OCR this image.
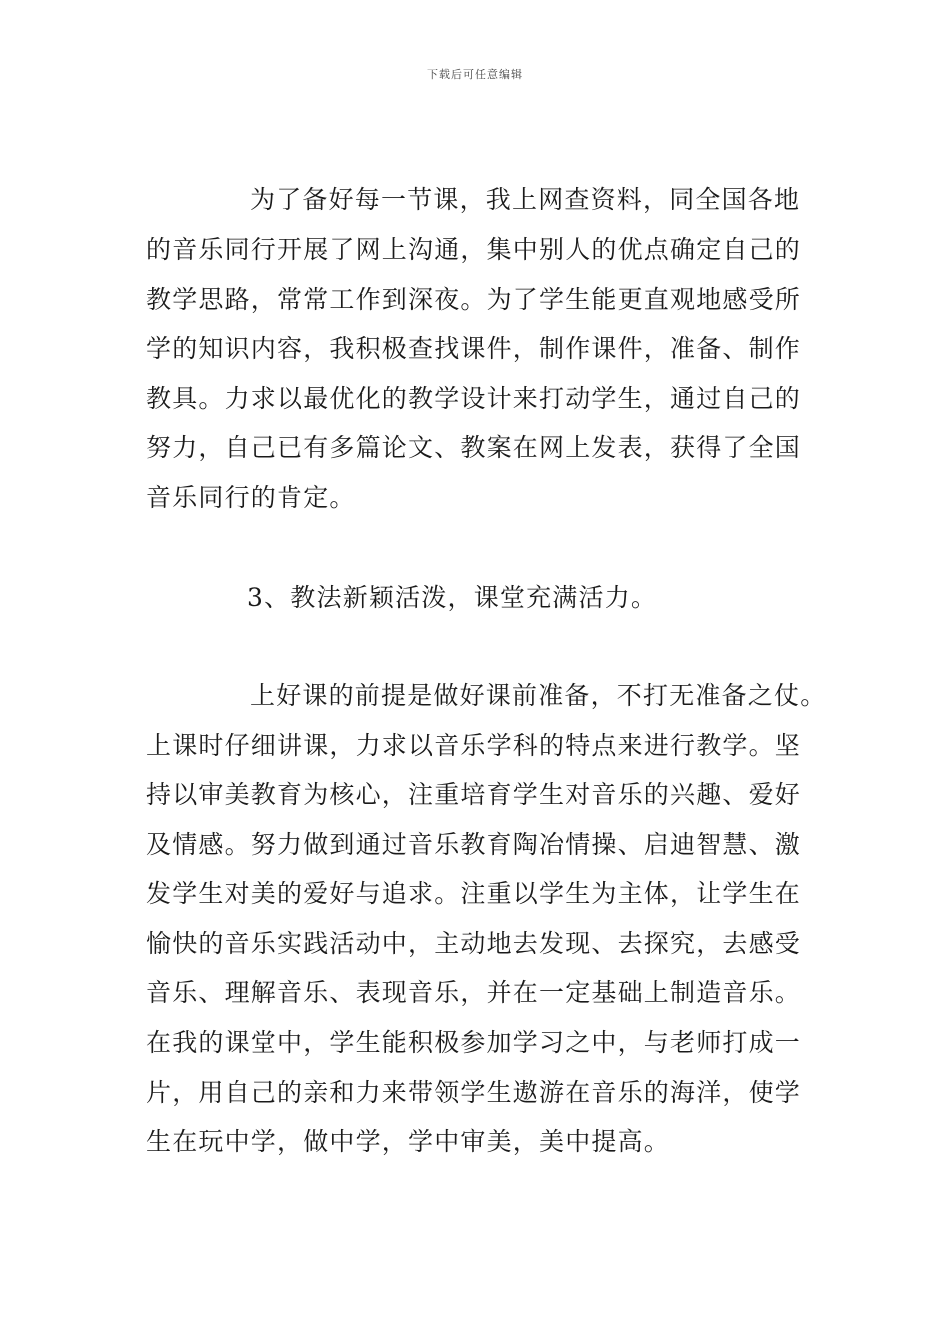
下载后可任意编辑
为了备好每一节课，我上网查资料，同全国各地
的音乐同行开展了网上沟通，集中别人的优点确定自己的
教学思路，常常工作到深夜。为了学生能更直观地感受所
学的知识内容，我积极查找课件，制作课件，准备、制作
教具。力求以最优化的教学设计来打动学生，通过自己的
努力，自己已有多篇论文、教案在网上发表，获得了全国
音乐同行的肯定。
3、教法新颖活泼，课堂充满活力。
上好课的前提是做好课前准备，不打无准备之仗。
上课时仔细讲课，力求以音乐学科的特点来进行教学。坚
持以审美教育为核心，注重培育学生对音乐的兴趣、爱好
及情感。努力做到通过音乐教育陶冶情操、启迪智慧、激
发学生对美的爱好与追求。注重以学生为主体，让学生在
愉快的音乐实践活动中，主动地去发现、去探究，去感受
音乐、理解音乐、表现音乐，并在一定基础上制造音乐。
在我的课堂中，学生能积极参加学习之中，与老师打成一
片，用自己的亲和力来带领学生遨游在音乐的海洋，使学
生在玩中学，做中学，学中审美，美中提高。
